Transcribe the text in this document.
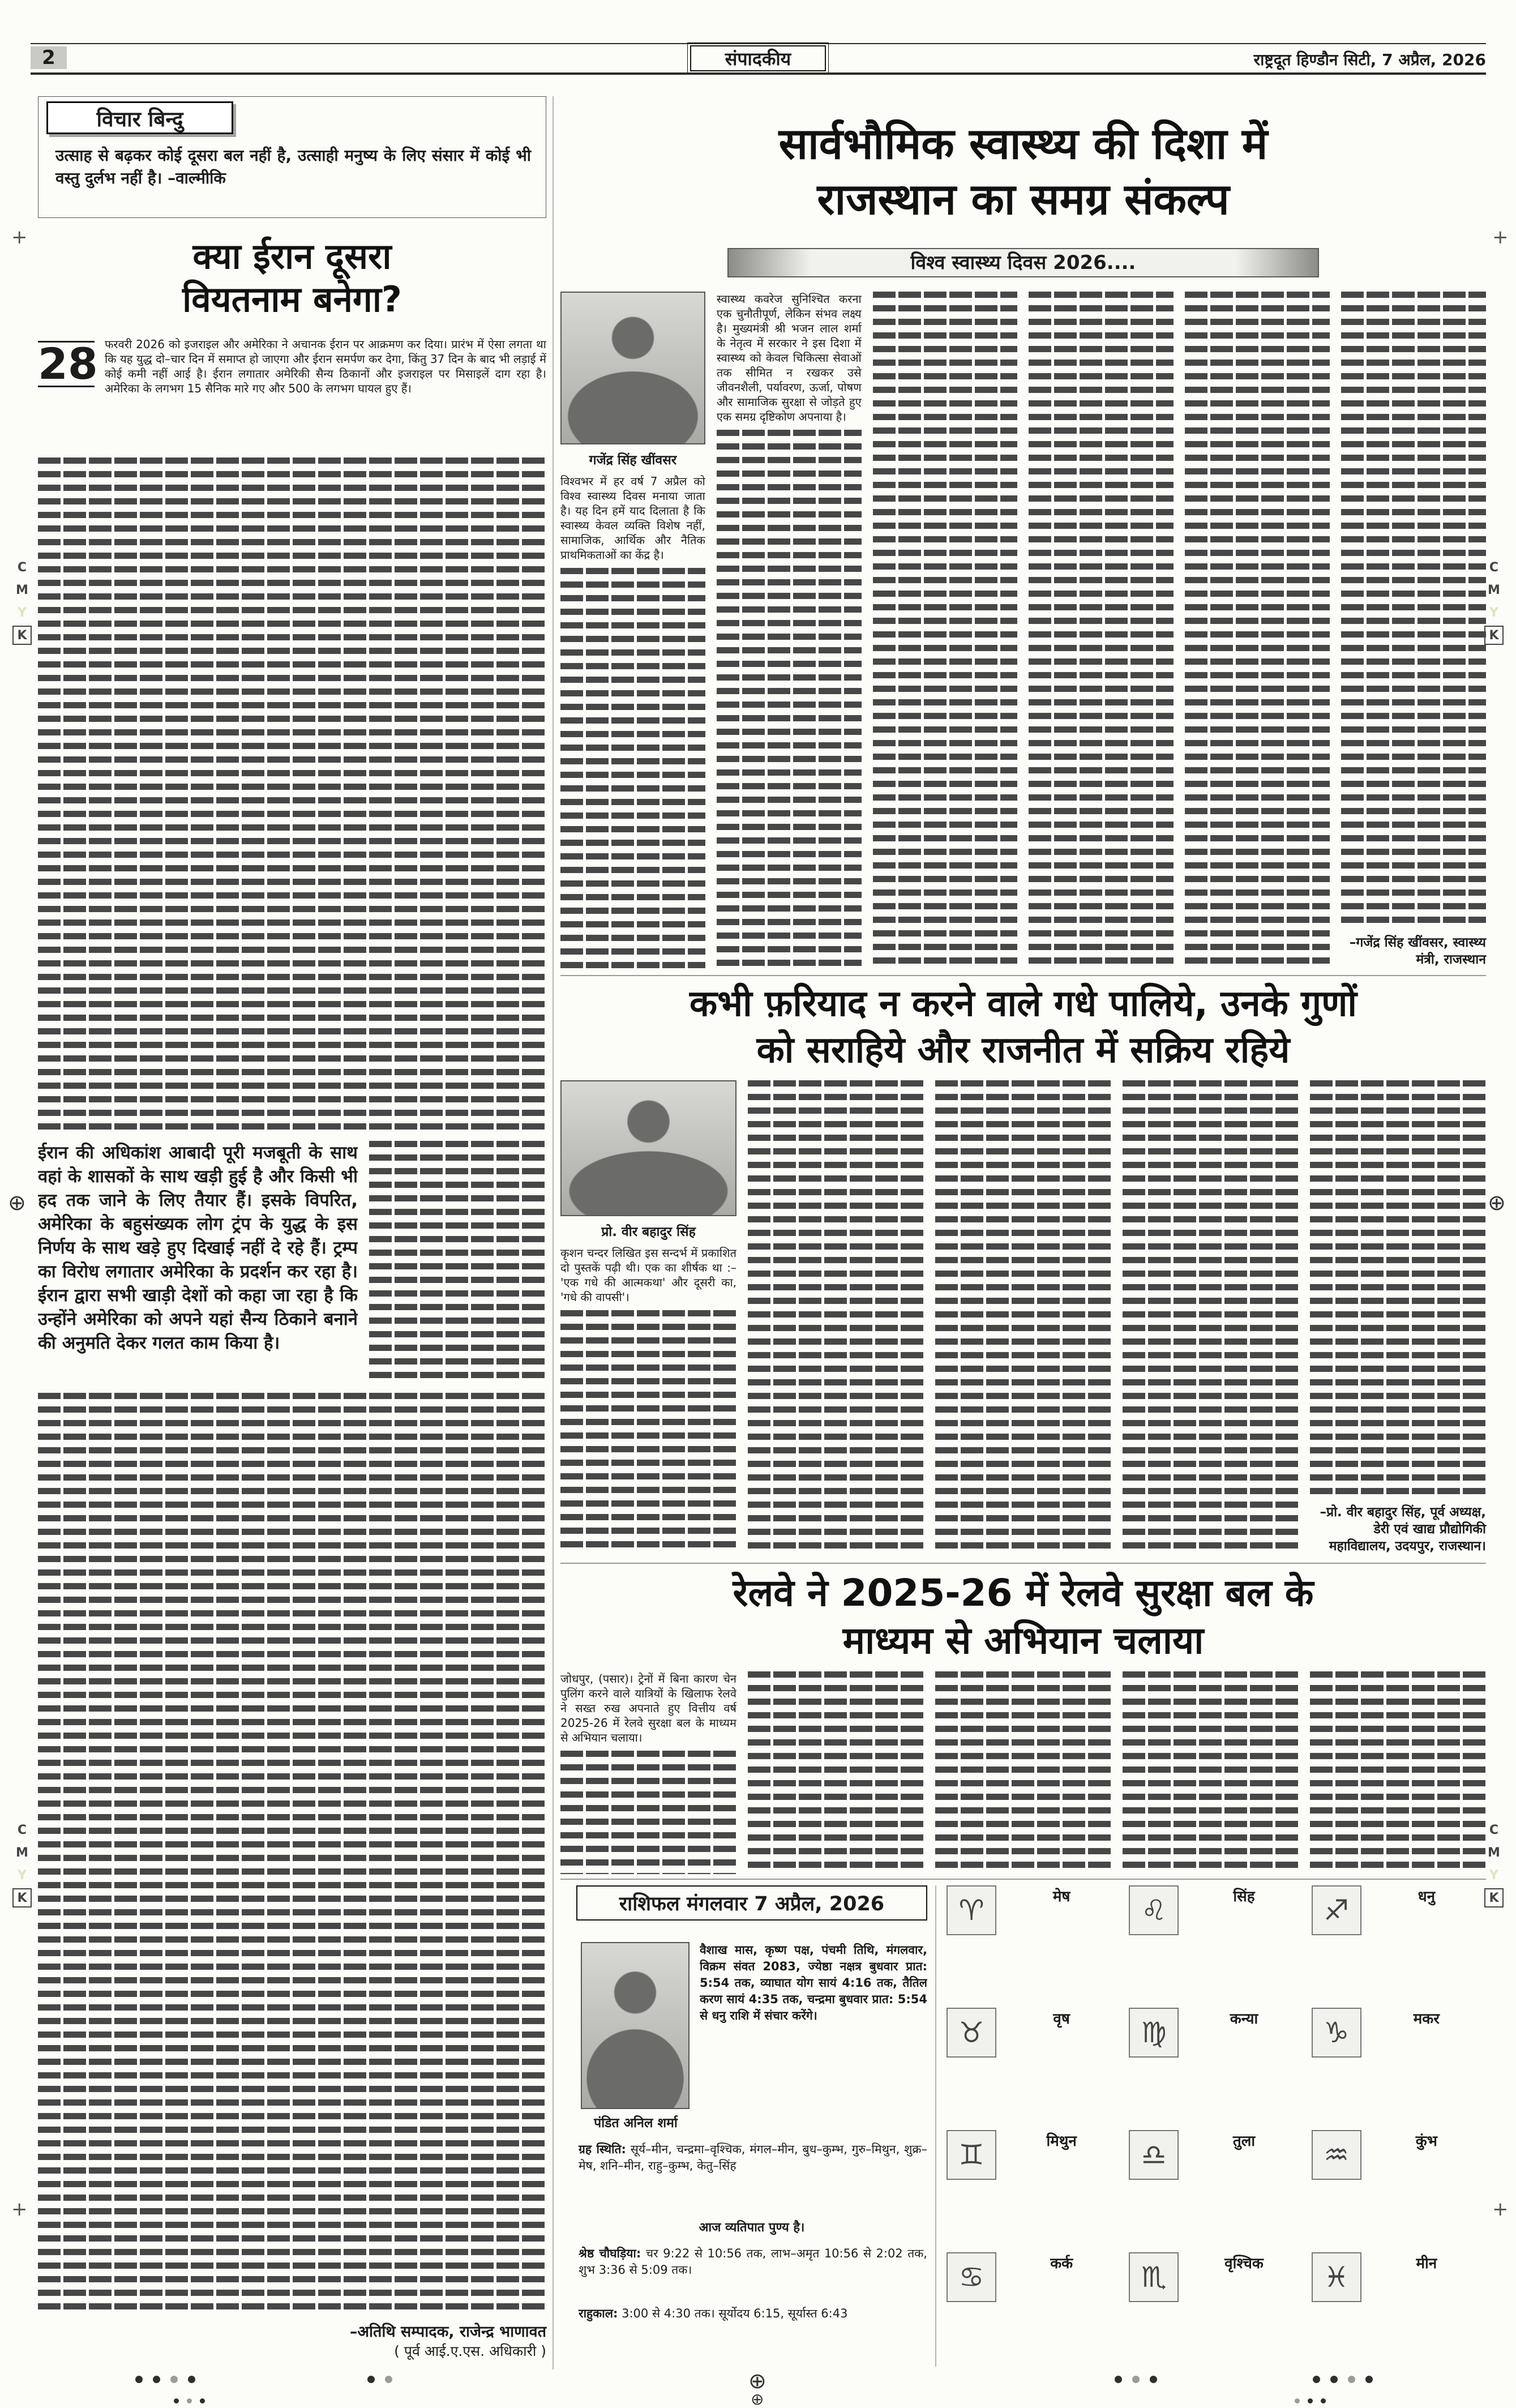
2	संपादकीय	राष्ट्रदूत हिण्डौन सिटी, 7 अप्रैल, 2026
विचार बिन्दु
उत्साह से बढ़कर कोई दूसरा बल नहीं है, उत्साही मनुष्य के लिए संसार में कोई भी वस्तु दुर्लभ नहीं है। –वाल्मीकि
क्या ईरान दूसरा
वियतनाम बनेगा?
28 फरवरी 2026 को इजराइल और अमेरिका ने अचानक ईरान पर आक्रमण कर दिया। प्रारंभ में ऐसा लगता था कि यह युद्ध दो–चार दिन में समाप्त हो जाएगा और ईरान समर्पण कर देगा, किंतु 37 दिन के बाद भी लड़ाई में कोई कमी नहीं आई है। ईरान लगातार अमेरिकी सैन्य ठिकानों और इजराइल पर मिसाइलें दाग रहा है। अमेरिका के लगभग 15 सैनिक मारे गए और 500 के लगभग घायल हुए हैं।
ईरान की अधिकांश आबादी पूरी मजबूती के साथ वहां के शासकों के साथ खड़ी हुई है और किसी भी हद तक जाने के लिए तैयार हैं। इसके विपरित, अमेरिका के बहुसंख्यक लोग ट्रंप के युद्ध के इस निर्णय के साथ खड़े हुए दिखाई नहीं दे रहे हैं। ट्रम्प का विरोध लगातार अमेरिका के प्रदर्शन कर रहा है। ईरान द्वारा सभी खाड़ी देशों को कहा जा रहा है कि उन्होंने अमेरिका को अपने यहां सैन्य ठिकाने बनाने की अनुमति देकर गलत काम किया है।
–अतिथि सम्पादक, राजेन्द्र भाणावत
( पूर्व आई.ए.एस. अधिकारी )
सार्वभौमिक स्वास्थ्य की दिशा में
राजस्थान का समग्र संकल्प
विश्व स्वास्थ्य दिवस 2026....
गजेंद्र सिंह खींवसर
विश्वभर में हर वर्ष 7 अप्रैल को विश्व स्वास्थ्य दिवस मनाया जाता है। यह दिन हमें याद दिलाता है कि स्वास्थ्य केवल व्यक्ति विशेष नहीं, सामाजिक, आर्थिक और नैतिक प्राथमिकताओं का केंद्र है।
स्वास्थ्य कवरेज सुनिश्चित करना एक चुनौतीपूर्ण, लेकिन संभव लक्ष्य है। मुख्यमंत्री श्री भजन लाल शर्मा के नेतृत्व में सरकार ने इस दिशा में स्वास्थ्य को केवल चिकित्सा सेवाओं तक सीमित न रखकर उसे जीवनशैली, पर्यावरण, ऊर्जा, पोषण और सामाजिक सुरक्षा से जोड़ते हुए एक समग्र दृष्टिकोण अपनाया है।
–गजेंद्र सिंह खींवसर, स्वास्थ्य मंत्री, राजस्थान
कभी फ़रियाद न करने वाले गधे पालिये, उनके गुणों
को सराहिये और राजनीत में सक्रिय रहिये
प्रो. वीर बहादुर सिंह
कृशन चन्दर लिखित इस सन्दर्भ में प्रकाशित दो पुस्तकें पढ़ी थी। एक का शीर्षक था :– 'एक गधे की आत्मकथा' और दूसरी का, 'गधे की वापसी'।
–प्रो. वीर बहादुर सिंह, पूर्व अध्यक्ष, डेरी एवं खाद्य प्रौद्योगिकी महाविद्यालय, उदयपुर, राजस्थान।
रेलवे ने 2025-26 में रेलवे सुरक्षा बल के
माध्यम से अभियान चलाया
जोधपुर, (पसार)। ट्रेनों में बिना कारण चेन पुलिंग करने वाले यात्रियों के खिलाफ रेलवे ने सख्त रुख अपनाते हुए वित्तीय वर्ष 2025-26 में रेलवे सुरक्षा बल के माध्यम से अभियान चलाया।
राशिफल मंगलवार 7 अप्रैल, 2026
पंडित अनिल शर्मा
वैशाख मास, कृष्ण पक्ष, पंचमी तिथि, मंगलवार, विक्रम संवत 2083, ज्येष्ठा नक्षत्र बुधवार प्रात: 5:54 तक, व्याघात योग सायं 4:16 तक, तैतिल करण सायं 4:35 तक, चन्द्रमा बुधवार प्रात: 5:54 से धनु राशि में संचार करेंगे।
ग्रह स्थिति: सूर्य–मीन, चन्द्रमा–वृश्चिक, मंगल–मीन, बुध–कुम्भ, गुरु–मिथुन, शुक्र–मेष, शनि–मीन, राहु–कुम्भ, केतु–सिंह
आज व्यतिपात पुण्य है।
श्रेष्ठ चौघड़िया: चर 9:22 से 10:56 तक, लाभ–अमृत 10:56 से 2:02 तक, शुभ 3:36 से 5:09 तक।
राहुकाल: 3:00 से 4:30 तक। सूर्योदय 6:15, सूर्यास्त 6:43
♈	मेष	♌	सिंह	♐	धनु
♉	वृष	♍	कन्या	♑	मकर
♊	मिथुन	♎	तुला	♒	कुंभ
♋	कर्क	♏	वृश्चिक	♓	मीन
C
M
Y
K
C
M
Y
K
C
M
Y
K
C
M
Y
K
+	+
+	+
⊕	⊕
⊕
⊕
